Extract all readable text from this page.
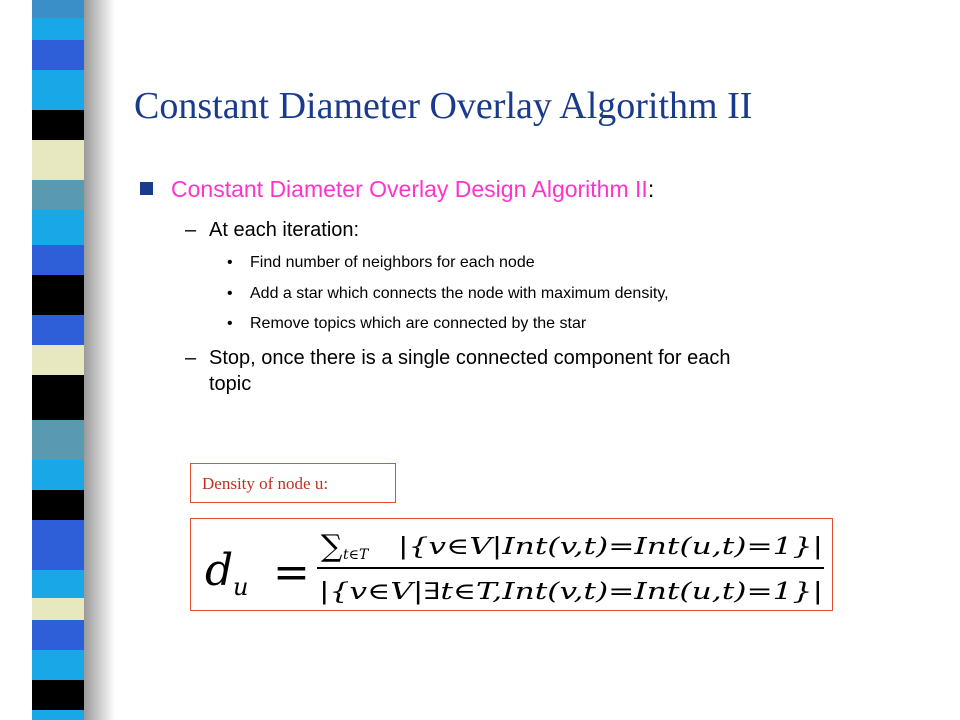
Constant Diameter Overlay Algorithm II
Constant Diameter Overlay Design Algorithm II:
– At each iteration:
• Find number of neighbors for each node
• Add a star which connects the node with maximum density,
• Remove topics which are connected by the star
– Stop, once there is a single connected component for each
topic
Density of node u:
d u =
∑ t∈T |{v∈V|Int(v,t)=Int(u,t)=1}|
|{v∈V|∃t∈T,Int(v,t)=Int(u,t)=1}|
